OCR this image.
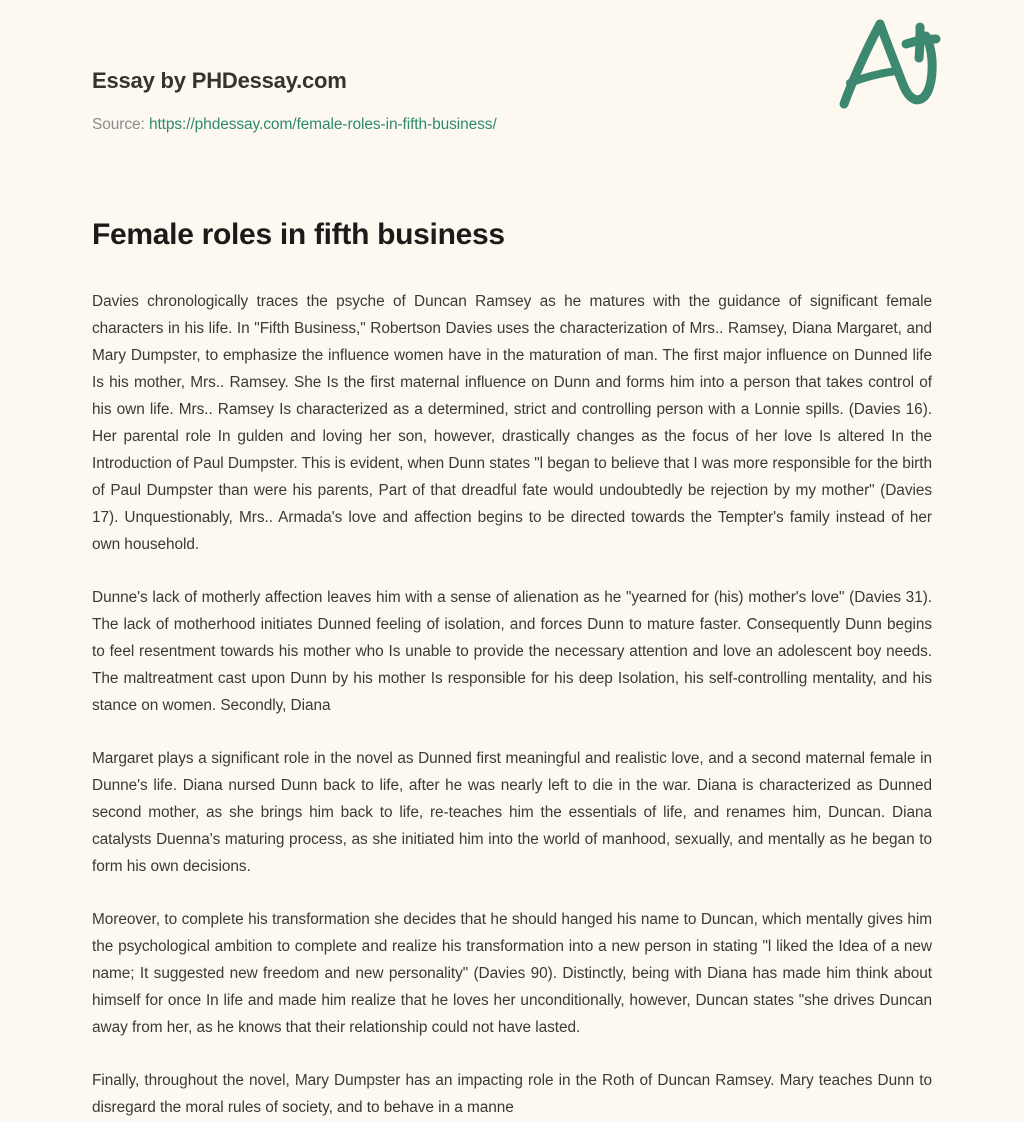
Essay by PHDessay.com
Source: https://phdessay.com/female-roles-in-fifth-business/
Female roles in fifth business

Davies chronologically traces the psyche of Duncan Ramsey as he matures with the guidance of significant female characters in his life. In "Fifth Business," Robertson Davies uses the characterization of Mrs.. Ramsey, Diana Margaret, and Mary Dumpster, to emphasize the influence women have in the maturation of man. The first major influence on Dunned life Is his mother, Mrs.. Ramsey. She Is the first maternal influence on Dunn and forms him into a person that takes control of his own life. Mrs.. Ramsey Is characterized as a determined, strict and controlling person with a Lonnie spills. (Davies 16). Her parental role In gulden and loving her son, however, drastically changes as the focus of her love Is altered In the Introduction of Paul Dumpster. This is evident, when Dunn states "l began to believe that I was more responsible for the birth of Paul Dumpster than were his parents, Part of that dreadful fate would undoubtedly be rejection by my mother" (Davies 17). Unquestionably, Mrs.. Armada's love and affection begins to be directed towards the Tempter's family instead of her own household.

Dunne's lack of motherly affection leaves him with a sense of alienation as he "yearned for (his) mother's love" (Davies 31). The lack of motherhood initiates Dunned feeling of isolation, and forces Dunn to mature faster. Consequently Dunn begins to feel resentment towards his mother who Is unable to provide the necessary attention and love an adolescent boy needs. The maltreatment cast upon Dunn by his mother Is responsible for his deep Isolation, his self-controlling mentality, and his stance on women. Secondly, Diana

Margaret plays a significant role in the novel as Dunned first meaningful and realistic love, and a second maternal female in Dunne's life. Diana nursed Dunn back to life, after he was nearly left to die in the war. Diana is characterized as Dunned second mother, as she brings him back to life, re-teaches him the essentials of life, and renames him, Duncan. Diana catalysts Duenna's maturing process, as she initiated him into the world of manhood, sexually, and mentally as he began to form his own decisions.

Moreover, to complete his transformation she decides that he should hanged his name to Duncan, which mentally gives him the psychological ambition to complete and realize his transformation into a new person in stating "l liked the Idea of a new name; It suggested new freedom and new personality" (Davies 90). Distinctly, being with Diana has made him think about himself for once In life and made him realize that he loves her unconditionally, however, Duncan states "she drives Duncan away from her, as he knows that their relationship could not have lasted.

Finally, throughout the novel, Mary Dumpster has an impacting role in the Roth of Duncan Ramsey. Mary teaches Dunn to disregard the moral rules of society, and to behave in a manne
